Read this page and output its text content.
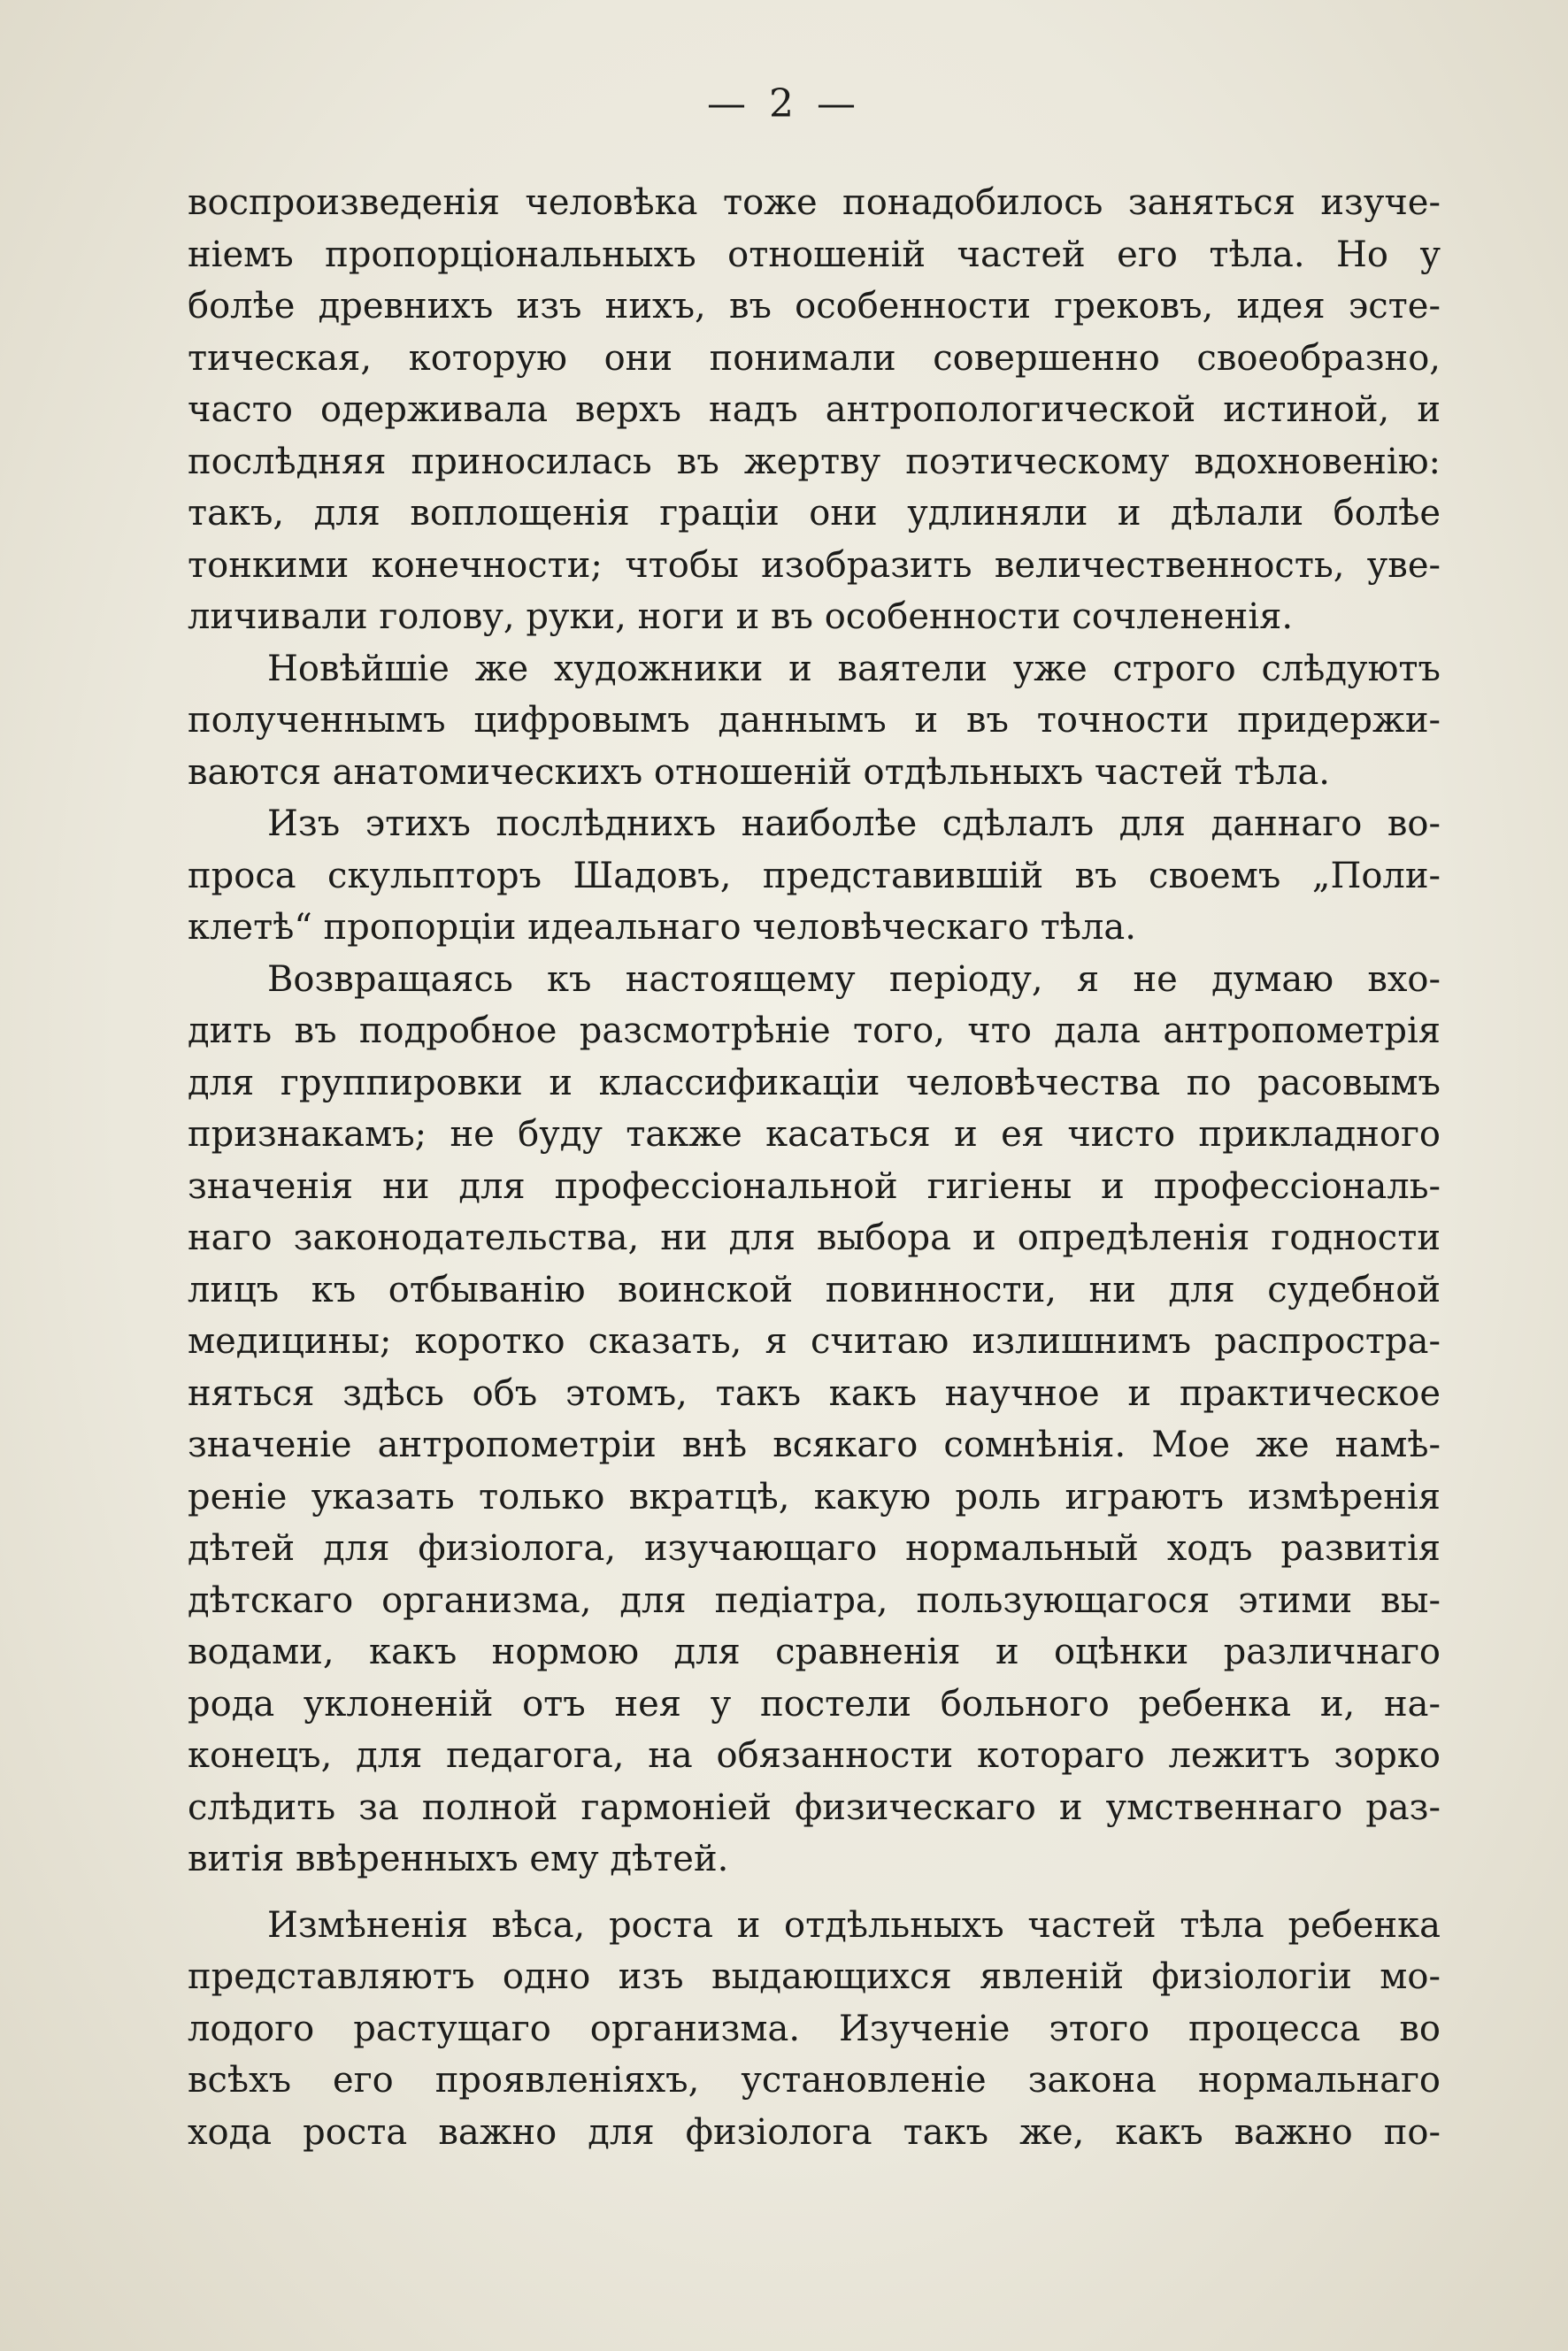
— 2 —
воспроизведенія человѣка тоже понадобилось заняться изуче-
ніемъ пропорціональныхъ отношеній частей его тѣла. Но у
болѣе древнихъ изъ нихъ, въ особенности грековъ, идея эсте-
тическая, которую они понимали совершенно своеобразно,
часто одерживала верхъ надъ антропологической истиной, и
послѣдняя приносилась въ жертву поэтическому вдохновенію:
такъ, для воплощенія граціи они удлиняли и дѣлали болѣе
тонкими конечности; чтобы изобразить величественность, уве-
личивали голову, руки, ноги и въ особенности сочлененія.
Новѣйшіе же художники и ваятели уже строго слѣдуютъ
полученнымъ цифровымъ даннымъ и въ точности придержи-
ваются анатомическихъ отношеній отдѣльныхъ частей тѣла.
Изъ этихъ послѣднихъ наиболѣе сдѣлалъ для даннаго во-
проса скульпторъ Шадовъ, представившій въ своемъ „Поли-
клетѣ“ пропорціи идеальнаго человѣческаго тѣла.
Возвращаясь къ настоящему періоду, я не думаю вхо-
дить въ подробное разсмотрѣніе того, что дала антропометрія
для группировки и классификаціи человѣчества по расовымъ
признакамъ; не буду также касаться и ея чисто прикладного
значенія ни для профессіональной гигіены и профессіональ-
наго законодательства, ни для выбора и опредѣленія годности
лицъ къ отбыванію воинской повинности, ни для судебной
медицины; коротко сказать, я считаю излишнимъ распростра-
няться здѣсь объ этомъ, такъ какъ научное и практическое
значеніе антропометріи внѣ всякаго сомнѣнія. Мое же намѣ-
реніе указать только вкратцѣ, какую роль играютъ измѣренія
дѣтей для физіолога, изучающаго нормальный ходъ развитія
дѣтскаго организма, для педіатра, пользующагося этими вы-
водами, какъ нормою для сравненія и оцѣнки различнаго
рода уклоненій отъ нея у постели больного ребенка и, на-
конецъ, для педагога, на обязанности котораго лежитъ зорко
слѣдить за полной гармоніей физическаго и умственнаго раз-
витія ввѣренныхъ ему дѣтей.
Измѣненія вѣса, роста и отдѣльныхъ частей тѣла ребенка
представляютъ одно изъ выдающихся явленій физіологіи мо-
лодого растущаго организма. Изученіе этого процесса во
всѣхъ его проявленіяхъ, установленіе закона нормальнаго
хода роста важно для физіолога такъ же, какъ важно по-
